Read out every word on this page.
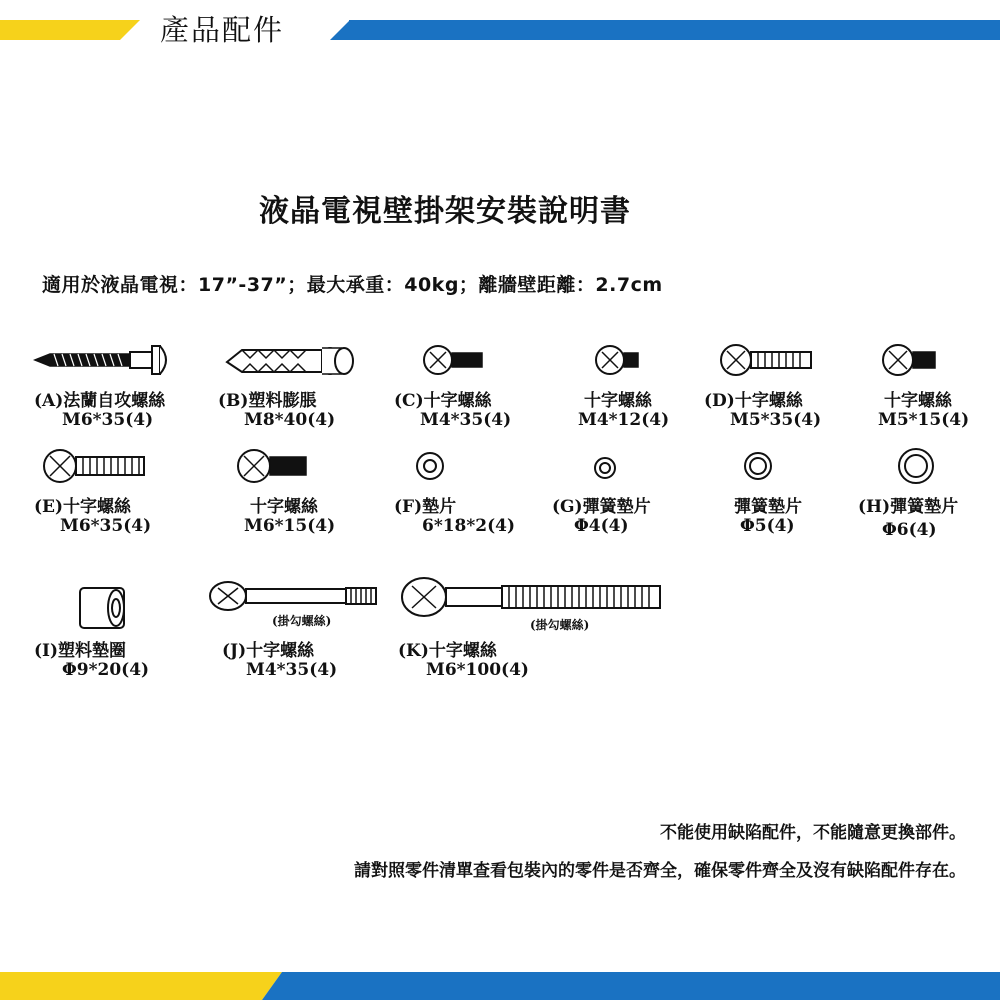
產品配件
液晶電視壁掛架安裝說明書
適用於液晶電視：17”-37”；最大承重：40kg；離牆壁距離：2.7cm
(A)法蘭自攻螺絲
M6*35(4)
(B)塑料膨脹
M8*40(4)
(C)十字螺絲
M4*35(4)
十字螺絲
M4*12(4)
(D)十字螺絲
M5*35(4)
十字螺絲
M5*15(4)
(E)十字螺絲
M6*35(4)
十字螺絲
M6*15(4)
(F)墊片
6*18*2(4)
(G)彈簧墊片
Φ4(4)
彈簧墊片
Φ5(4)
(H)彈簧墊片
Φ6(4)
(掛勾螺絲)	(掛勾螺絲)
(I)塑料墊圈
Φ9*20(4)
(J)十字螺絲
M4*35(4)
(K)十字螺絲
M6*100(4)
不能使用缺陷配件，不能隨意更換部件。
請對照零件清單查看包裝內的零件是否齊全，確保零件齊全及沒有缺陷配件存在。
